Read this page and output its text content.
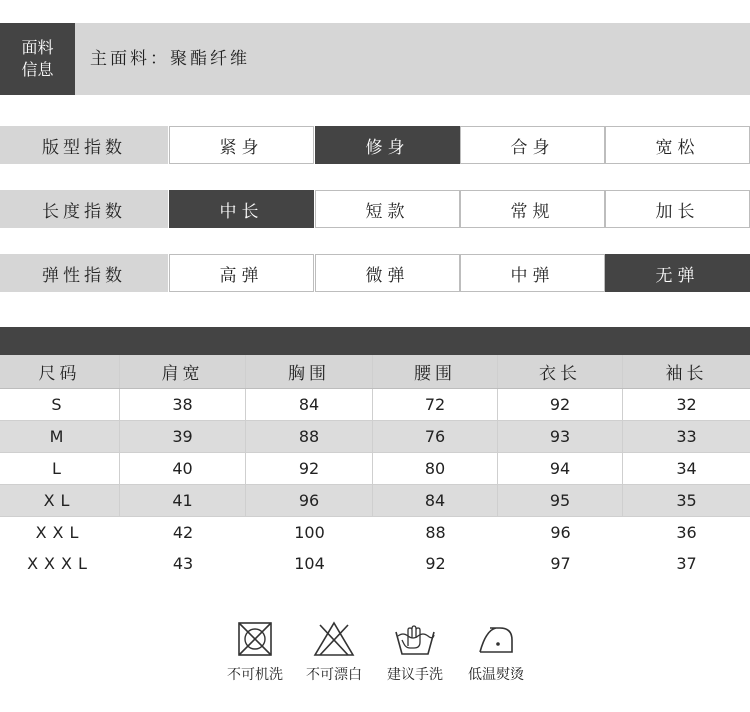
面料
信息
主面料：聚酯纤维
版型指数	紧身	修身	合身	宽松
长度指数	中长	短款	常规	加长
弹性指数	高弹	微弹	中弹	无弹
尺码	肩宽	胸围	腰围	衣长	袖长
S	38	84	72	92	32
M	39	88	76	93	33
L	40	92	80	94	34
XL	41	96	84	95	35
XXL	42	100	88	96	36
XXXL	43	104	92	97	37
不可机洗	不可漂白	建议手洗	低温熨烫
